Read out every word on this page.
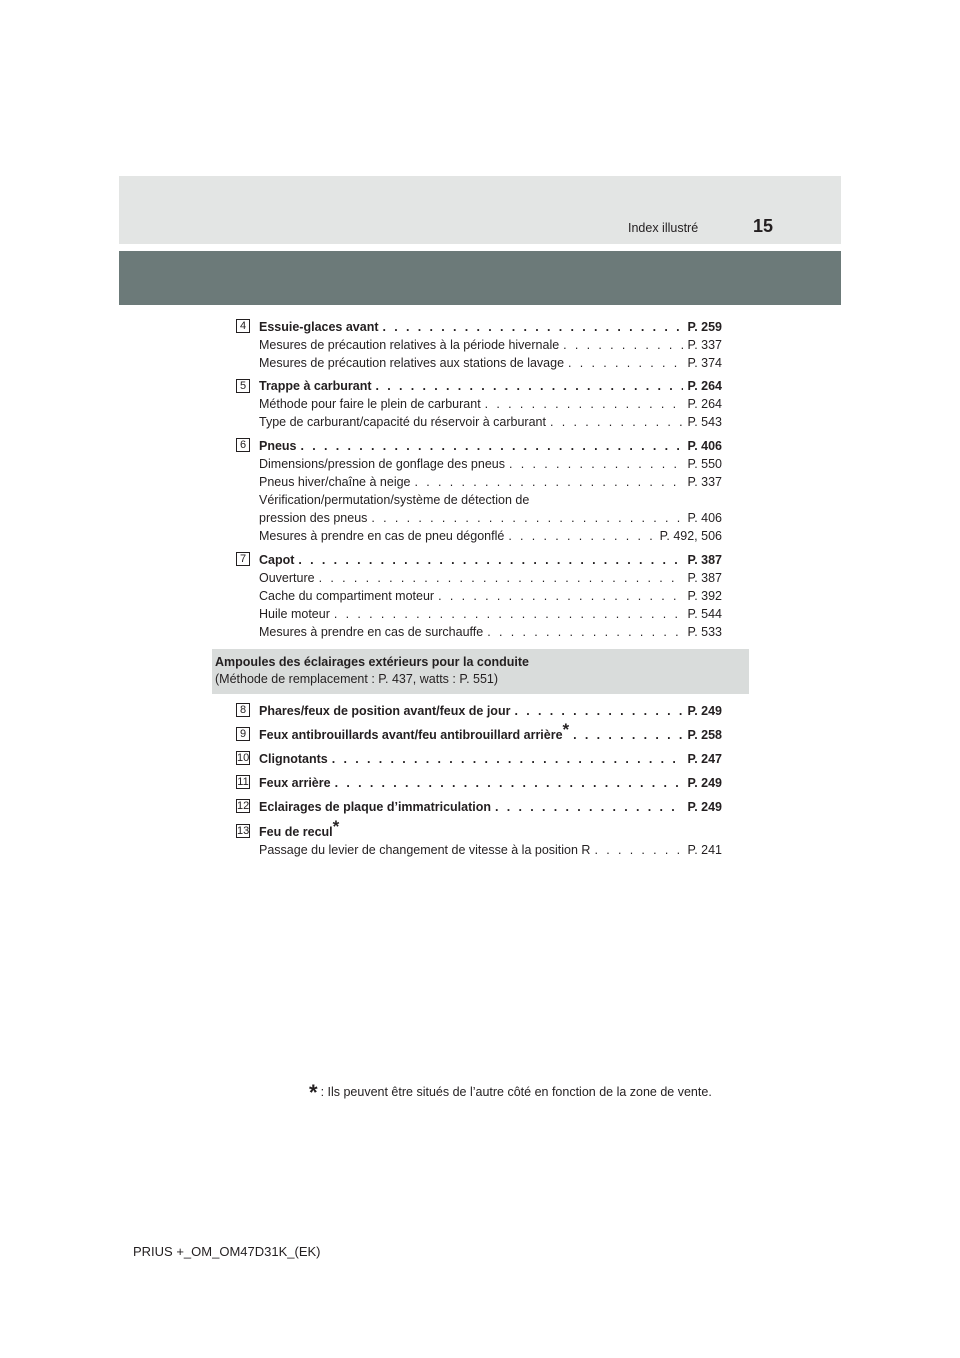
Index illustré	15
4	Essuie-glaces avant . . .	P. 259
Mesures de précaution relatives à la période hivernale . . .	P. 337
Mesures de précaution relatives aux stations de lavage . . .	P. 374
5	Trappe à carburant . . .	P. 264
Méthode pour faire le plein de carburant . . .	P. 264
Type de carburant/capacité du réservoir à carburant . . .	P. 543
6	Pneus . . .	P. 406
Dimensions/pression de gonflage des pneus . . .	P. 550
Pneus hiver/chaîne à neige . . .	P. 337
Vérification/permutation/système de détection de
pression des pneus . . .	P. 406
Mesures à prendre en cas de pneu dégonflé . . .	P. 492, 506
7	Capot . . .	P. 387
Ouverture . . .	P. 387
Cache du compartiment moteur . . .	P. 392
Huile moteur . . .	P. 544
Mesures à prendre en cas de surchauffe . . .	P. 533
Ampoules des éclairages extérieurs pour la conduite
(Méthode de remplacement : P. 437, watts : P. 551)
8	Phares/feux de position avant/feux de jour . . .	P. 249
9	Feux antibrouillards avant/feu antibrouillard arrière* . . .	P. 258
10 Clignotants . . .	P. 247
11 Feux arrière . . .	P. 249
12 Eclairages de plaque d’immatriculation . . .	P. 249
13 Feu de recul*
Passage du levier de changement de vitesse à la position R . . .	P. 241
* : Ils peuvent être situés de l’autre côté en fonction de la zone de vente.
PRIUS +_OM_OM47D31K_(EK)
